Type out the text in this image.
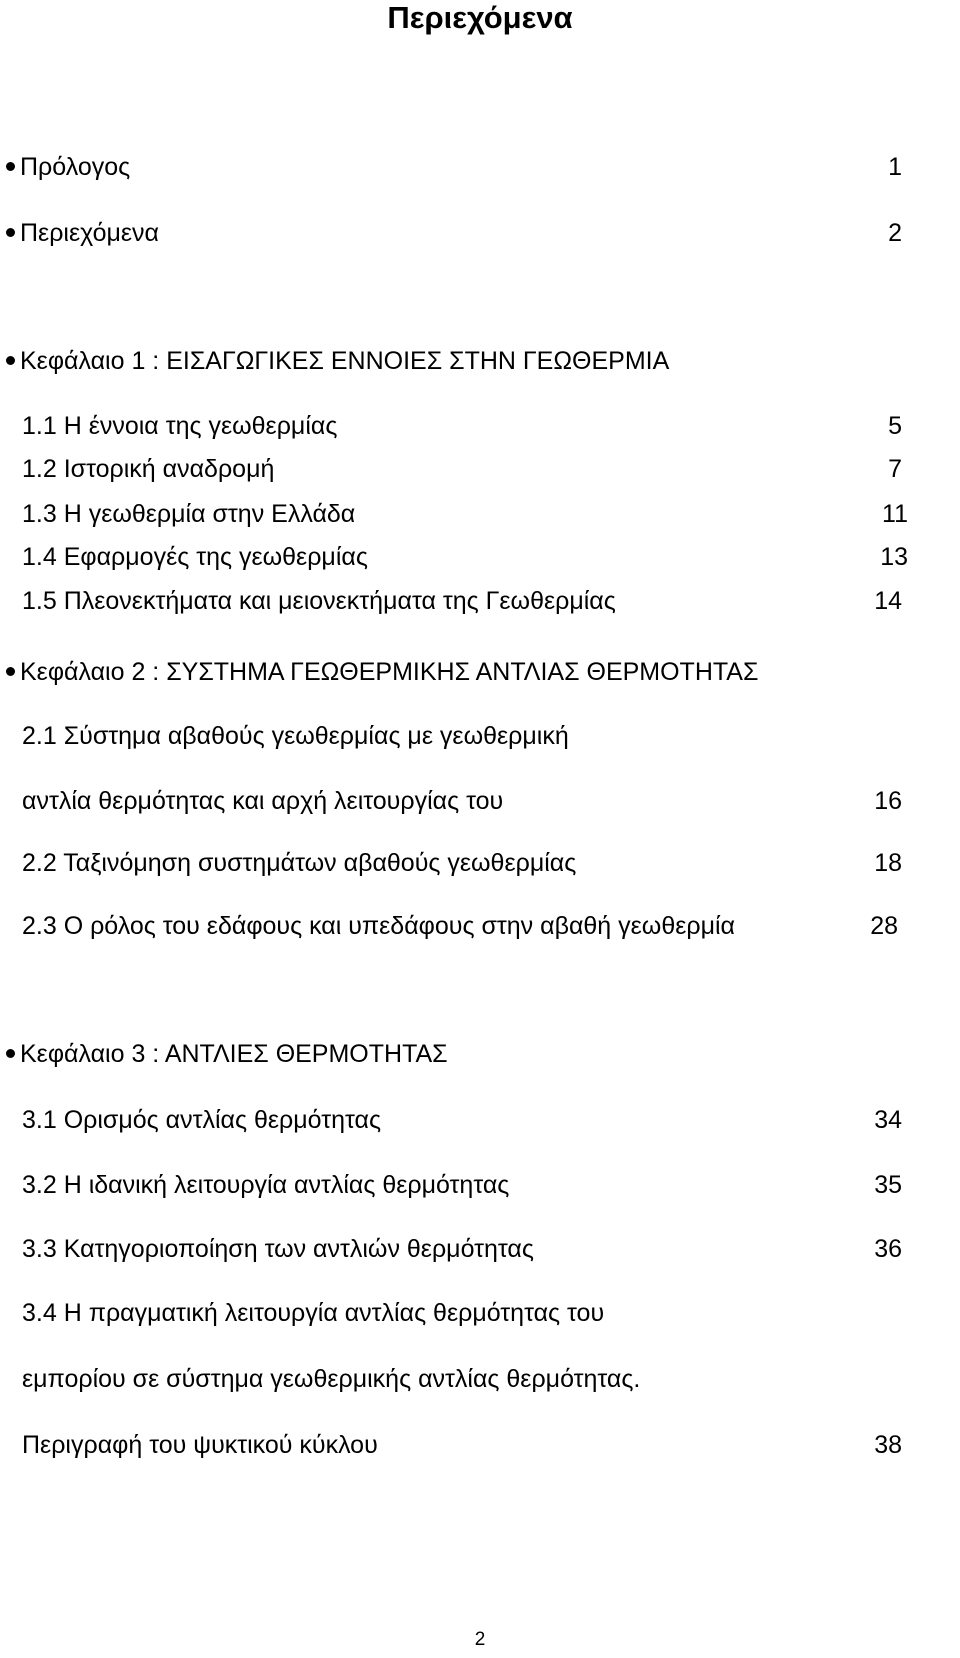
Περιεχόμενα
Πρόλογος	1
Περιεχόμενα	2
Κεφάλαιο 1 : ΕΙΣΑΓΩΓΙΚΕΣ ΕΝΝΟΙΕΣ ΣΤΗΝ ΓΕΩΘΕΡΜΙΑ
1.1 Η έννοια της γεωθερμίας	5
1.2 Ιστορική αναδρομή	7
1.3 Η γεωθερμία στην Ελλάδα	11
1.4 Εφαρμογές της γεωθερμίας	13
1.5 Πλεονεκτήματα και μειονεκτήματα της Γεωθερμίας	14
Κεφάλαιο 2 : ΣΥΣΤΗΜΑ ΓΕΩΘΕΡΜΙΚΗΣ ΑΝΤΛΙΑΣ ΘΕΡΜΟΤΗΤΑΣ
2.1 Σύστημα αβαθούς γεωθερμίας με γεωθερμική
αντλία θερμότητας και αρχή λειτουργίας του	16
2.2 Ταξινόμηση συστημάτων αβαθούς γεωθερμίας	18
2.3 Ο ρόλος του εδάφους και υπεδάφους στην αβαθή γεωθερμία	28
Κεφάλαιο 3 : ΑΝΤΛΙΕΣ ΘΕΡΜΟΤΗΤΑΣ
3.1 Ορισμός αντλίας θερμότητας	34
3.2 Η ιδανική λειτουργία αντλίας θερμότητας	35
3.3 Κατηγοριοποίηση των αντλιών θερμότητας	36
3.4 Η πραγματική λειτουργία αντλίας θερμότητας του
εμπορίου σε σύστημα γεωθερμικής αντλίας θερμότητας.
Περιγραφή του ψυκτικού κύκλου	38
2
